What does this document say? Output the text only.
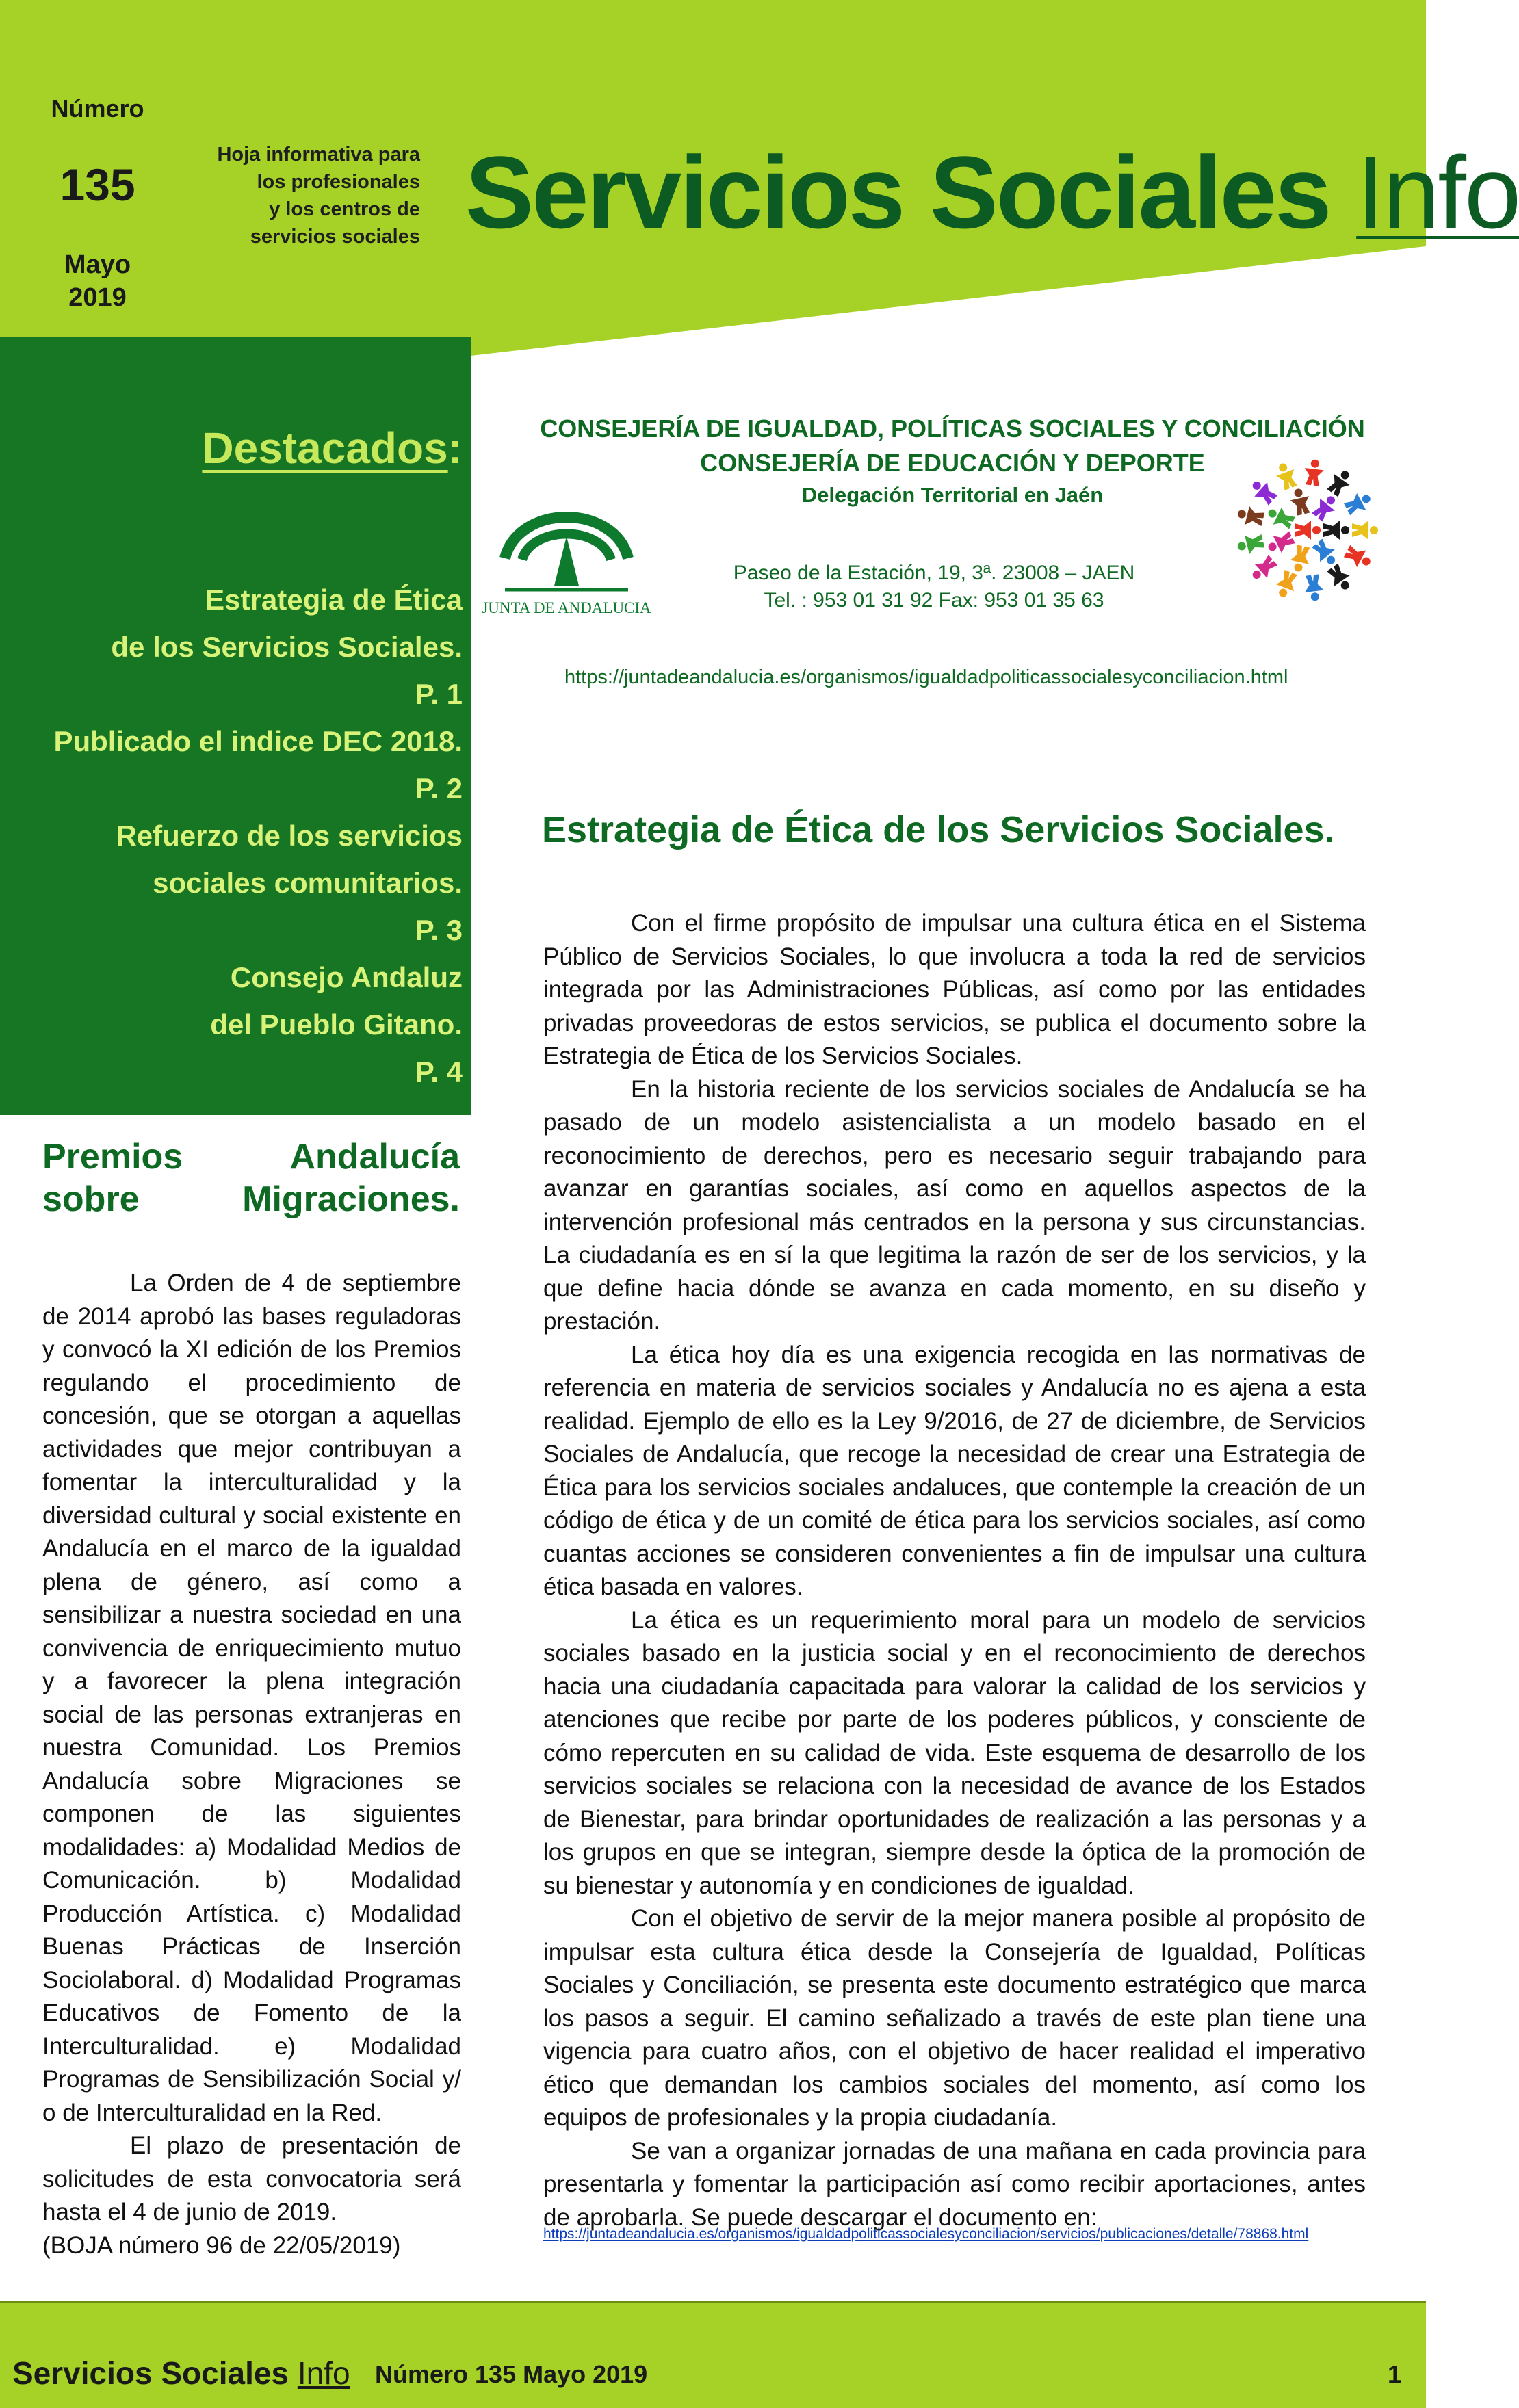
Número
135
Mayo
2019
Hoja informativa para
los profesionales
y los centros de
servicios sociales Servicios Sociales Info
Destacados:
Estrategia de Ética
de los Servicios Sociales.
P. 1
Publicado el indice DEC 2018.
P. 2
Refuerzo de los servicios
sociales comunitarios.
P. 3
Consejo Andaluz
del Pueblo Gitano.
P. 4
CONSEJERÍA DE IGUALDAD, POLÍTICAS SOCIALES Y CONCILIACIÓN
CONSEJERÍA DE EDUCACIÓN Y DEPORTE
Delegación Territorial en Jaén
JUNTA DE ANDALUCIA
Paseo de la Estación, 19, 3ª. 23008 – JAEN
Tel. : 953 01 31 92 Fax: 953 01 35 63
https://juntadeandalucia.es/organismos/igualdadpoliticassocialesyconciliacion.html
Premios Andalucía sobre Migraciones.

La Orden de 4 de septiembre de 2014 aprobó las bases reguladoras y convocó la XI edición de los Premios regulando el procedimiento de concesión, que se otorgan a aquellas actividades que mejor contribuyan a fomentar la interculturalidad y la diversidad cultural y social existente en Andalucía en el marco de la igualdad plena de género, así como a sensibilizar a nuestra sociedad en una convivencia de enriquecimiento mutuo y a favorecer la plena integración social de las personas extranjeras en nuestra Comunidad. Los Premios Andalucía sobre Migraciones se componen de las siguientes modalidades: a) Modalidad Medios de Comunicación. b) Modalidad Producción Artística. c) Modalidad Buenas Prácticas de Inserción Sociolaboral. d) Modalidad Programas Educativos de Fomento de la Interculturalidad. e) Modalidad Programas de Sensibilización Social y/ o de Interculturalidad en la Red.

El plazo de presentación de solicitudes de esta convocatoria será hasta el 4 de junio de 2019.

(BOJA número 96 de 22/05/2019)

Estrategia de Ética de los Servicios Sociales.

Con el firme propósito de impulsar una cultura ética en el Sistema Público de Servicios Sociales, lo que involucra a toda la red de servicios integrada por las Administraciones Públicas, así como por las entidades privadas proveedoras de estos servicios, se publica el documento sobre la Estrategia de Ética de los Servicios Sociales.

En la historia reciente de los servicios sociales de Andalucía se ha pasado de un modelo asistencialista a un modelo basado en el reconocimiento de derechos, pero es necesario seguir trabajando para avanzar en garantías sociales, así como en aquellos aspectos de la intervención profesional más centrados en la persona y sus circunstancias. La ciudadanía es en sí la que legitima la razón de ser de los servicios, y la que define hacia dónde se avanza en cada momento, en su diseño y prestación.

La ética hoy día es una exigencia recogida en las normativas de referencia en materia de servicios sociales y Andalucía no es ajena a esta realidad. Ejemplo de ello es la Ley 9/2016, de 27 de diciembre, de Servicios Sociales de Andalucía, que recoge la necesidad de crear una Estrategia de Ética para los servicios sociales andaluces, que contemple la creación de un código de ética y de un comité de ética para los servicios sociales, así como cuantas acciones se consideren convenientes a fin de impulsar una cultura ética basada en valores.

La ética es un requerimiento moral para un modelo de servicios sociales basado en la justicia social y en el reconocimiento de derechos hacia una ciudadanía capacitada para valorar la calidad de los servicios y atenciones que recibe por parte de los poderes públicos, y consciente de cómo repercuten en su calidad de vida. Este esquema de desarrollo de los servicios sociales se relaciona con la necesidad de avance de los Estados de Bienestar, para brindar oportunidades de realización a las personas y a los grupos en que se integran, siempre desde la óptica de la promoción de su bienestar y autonomía y en condiciones de igualdad.

Con el objetivo de servir de la mejor manera posible al propósito de impulsar esta cultura ética desde la Consejería de Igualdad, Políticas Sociales y Conciliación, se presenta este documento estratégico que marca los pasos a seguir. El camino señalizado a través de este plan tiene una vigencia para cuatro años, con el objetivo de hacer realidad el imperativo ético que demandan los cambios sociales del momento, así como los equipos de profesionales y la propia ciudadanía.

Se van a organizar jornadas de una mañana en cada provincia para presentarla y fomentar la participación así como recibir aportaciones, antes de aprobarla. Se puede descargar el documento en:

https://juntadeandalucia.es/organismos/igualdadpoliticassocialesyconciliacion/servicios/publicaciones/detalle/78868.html
Servicios Sociales Info Número 135 Mayo 2019	1
